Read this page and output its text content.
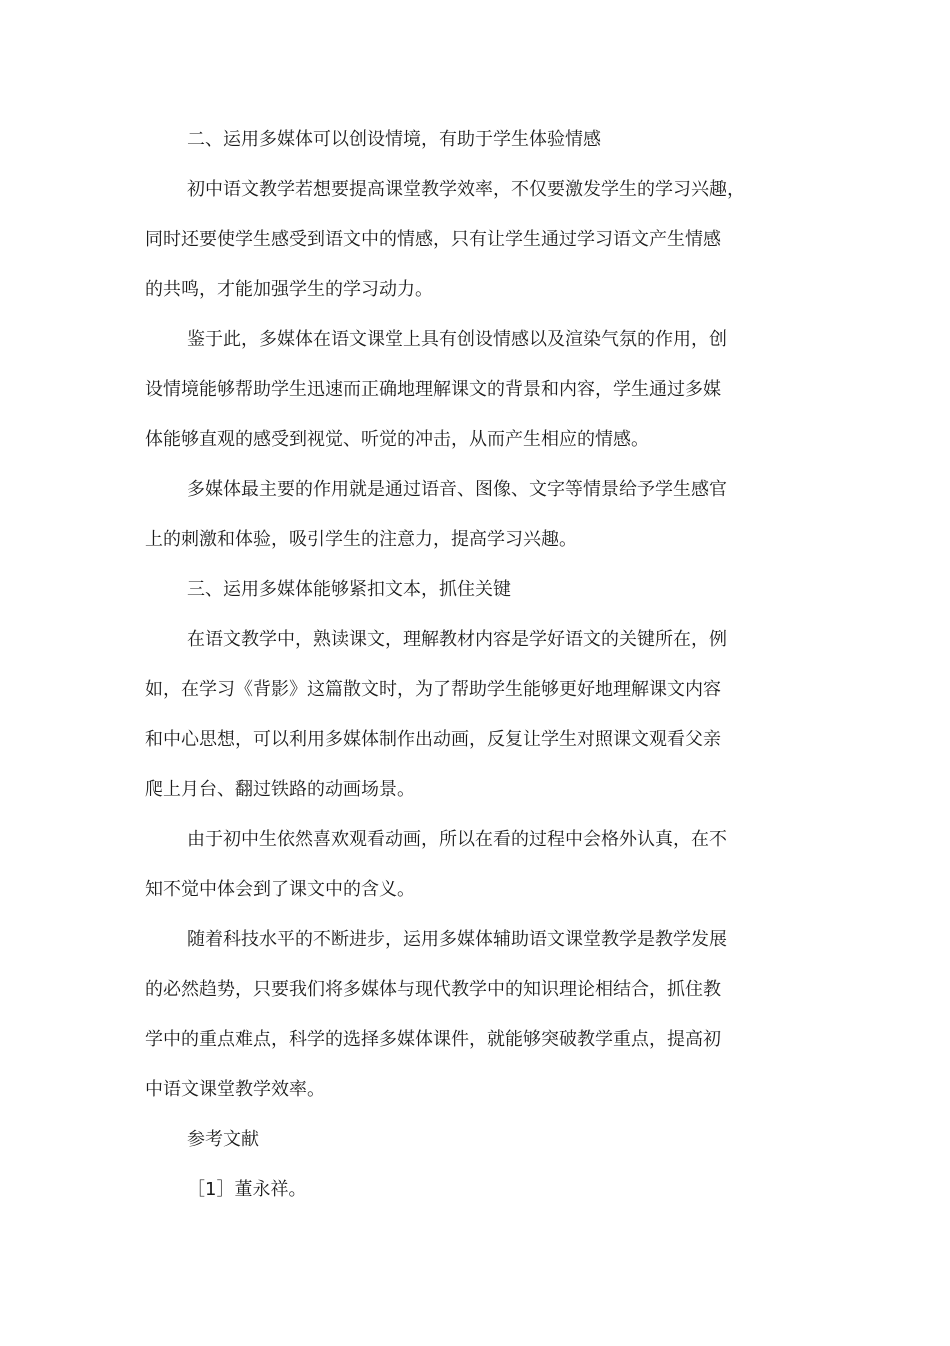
二、运用多媒体可以创设情境，有助于学生体验情感
初中语文教学若想要提高课堂教学效率，不仅要激发学生的学习兴趣，
同时还要使学生感受到语文中的情感，只有让学生通过学习语文产生情感
的共鸣，才能加强学生的学习动力。
鉴于此，多媒体在语文课堂上具有创设情感以及渲染气氛的作用，创
设情境能够帮助学生迅速而正确地理解课文的背景和内容，学生通过多媒
体能够直观的感受到视觉、听觉的冲击，从而产生相应的情感。
多媒体最主要的作用就是通过语音、图像、文字等情景给予学生感官
上的刺激和体验，吸引学生的注意力，提高学习兴趣。
三、运用多媒体能够紧扣文本，抓住关键
在语文教学中，熟读课文，理解教材内容是学好语文的关键所在，例
如，在学习《背影》这篇散文时，为了帮助学生能够更好地理解课文内容
和中心思想，可以利用多媒体制作出动画，反复让学生对照课文观看父亲
爬上月台、翻过铁路的动画场景。
由于初中生依然喜欢观看动画，所以在看的过程中会格外认真，在不
知不觉中体会到了课文中的含义。
随着科技水平的不断进步，运用多媒体辅助语文课堂教学是教学发展
的必然趋势，只要我们将多媒体与现代教学中的知识理论相结合，抓住教
学中的重点难点，科学的选择多媒体课件，就能够突破教学重点，提高初
中语文课堂教学效率。
参考文献
［1］董永祥。
